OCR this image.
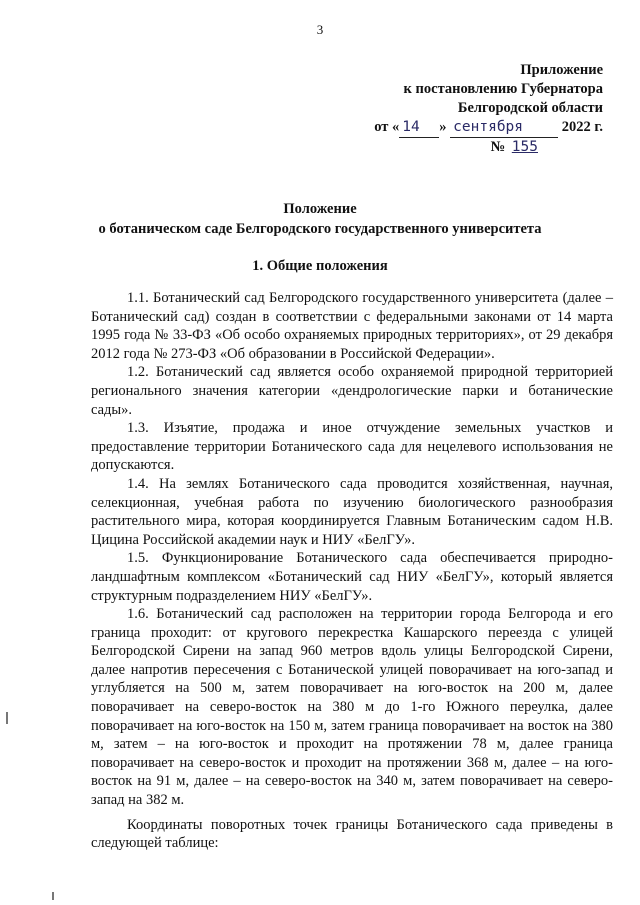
3
Приложение
к постановлению Губернатора
Белгородской области
от « 14 » сентября	2022 г.
№ 155
Положение
о ботаническом саде Белгородского государственного университета
1. Общие положения

1.1. Ботанический сад Белгородского государственного университета (далее – Ботанический сад) создан в соответствии с федеральными законами от 14 марта 1995 года № 33-ФЗ «Об особо охраняемых природных территориях», от 29 декабря 2012 года № 273-ФЗ «Об образовании в Российской Федерации».

1.2. Ботанический сад является особо охраняемой природной территорией регионального значения категории «дендрологические парки и ботанические сады».

1.3. Изъятие, продажа и иное отчуждение земельных участков и предоставление территории Ботанического сада для нецелевого использования не допускаются.

1.4. На землях Ботанического сада проводится хозяйственная, научная, селекционная, учебная работа по изучению биологического разнообразия растительного мира, которая координируется Главным Ботаническим садом Н.В. Цицина Российской академии наук и НИУ «БелГУ».

1.5. Функционирование Ботанического сада обеспечивается природно-ландшафтным комплексом «Ботанический сад НИУ «БелГУ», который является структурным подразделением НИУ «БелГУ».

1.6. Ботанический сад расположен на территории города Белгорода и его граница проходит: от кругового перекрестка Кашарского переезда с улицей Белгородской Сирени на запад 960 метров вдоль улицы Белгородской Сирени, далее напротив пересечения с Ботанической улицей поворачивает на юго-запад и углубляется на 500 м, затем поворачивает на юго-восток на 200 м, далее поворачивает на северо-восток на 380 м до 1-го Южного переулка, далее поворачивает на юго-восток на 150 м, затем граница поворачивает на восток на 380 м, затем – на юго-восток и проходит на протяжении 78 м, далее граница поворачивает на северо-восток и проходит на протяжении 368 м, далее – на юго-восток на 91 м, далее – на северо-восток на 340 м, затем поворачивает на северо-запад на 382 м.

Координаты поворотных точек границы Ботанического сада приведены в следующей таблице:
